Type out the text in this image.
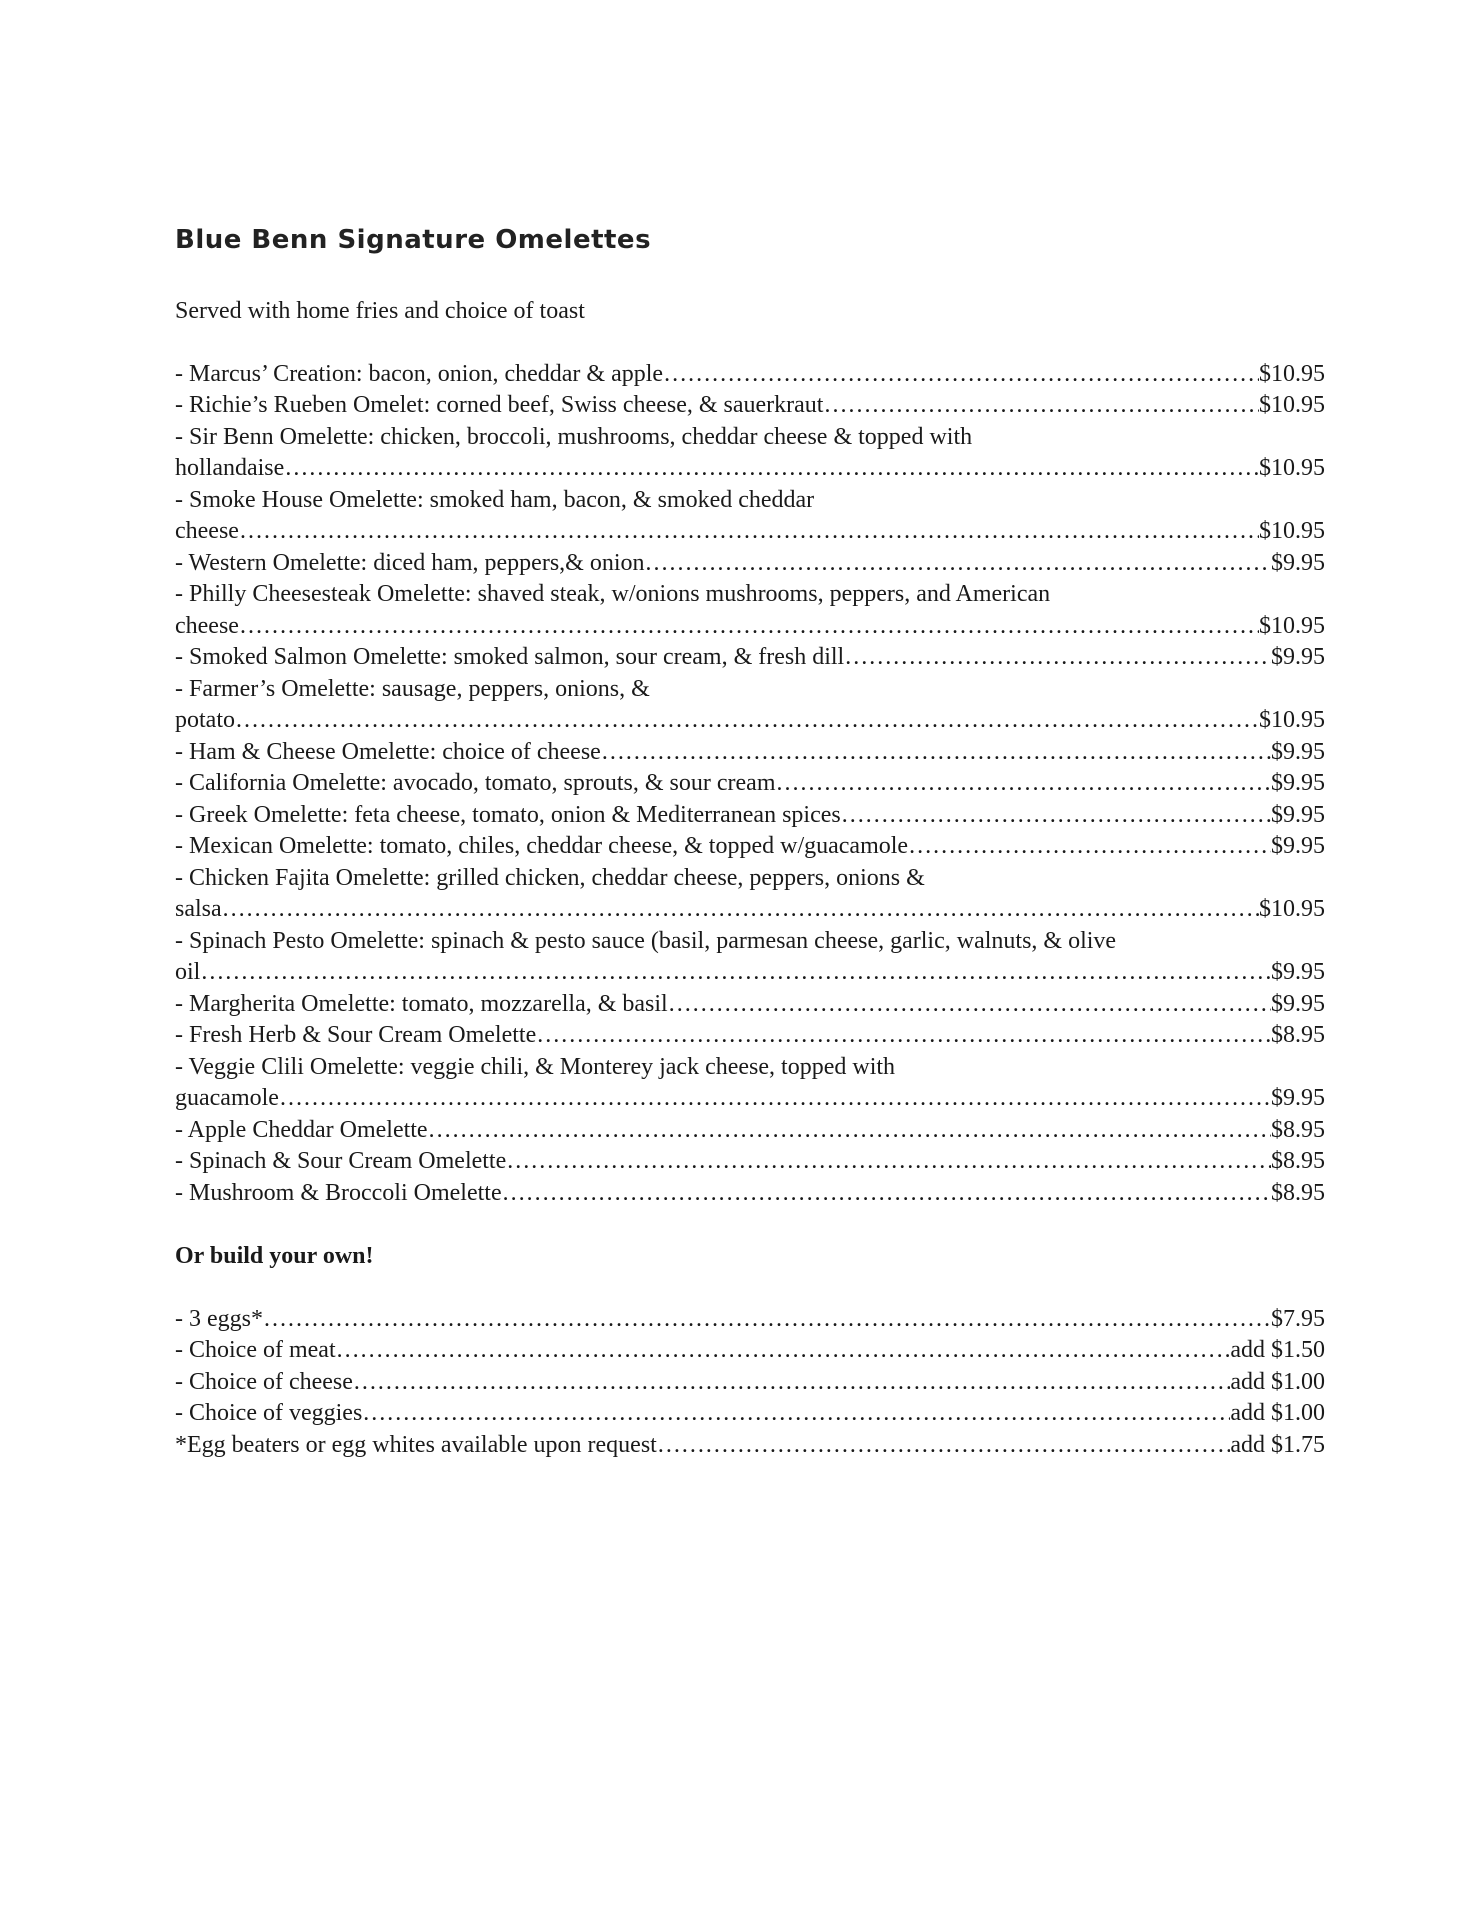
Blue Benn Signature Omelettes
Served with home fries and choice of toast
- Marcus’ Creation: bacon, onion, cheddar & apple ………………………………………………………………………………………………………………………………………………………………………………………………………………	$10.95
- Richie’s Rueben Omelet: corned beef, Swiss cheese, & sauerkraut ………………………………………………………………………………………………………………………………………………………………………………………………………………	$10.95
- Sir Benn Omelette: chicken, broccoli, mushrooms, cheddar cheese & topped with
hollandaise ………………………………………………………………………………………………………………………………………………………………………………………………………………	$10.95
- Smoke House Omelette: smoked ham, bacon, & smoked cheddar
cheese ………………………………………………………………………………………………………………………………………………………………………………………………………………	$10.95
- Western Omelette: diced ham, peppers,& onion ………………………………………………………………………………………………………………………………………………………………………………………………………………	$9.95
- Philly Cheesesteak Omelette: shaved steak, w/onions mushrooms, peppers, and American
cheese ………………………………………………………………………………………………………………………………………………………………………………………………………………	$10.95
- Smoked Salmon Omelette: smoked salmon, sour cream, & fresh dill ………………………………………………………………………………………………………………………………………………………………………………………………………………	$9.95
- Farmer’s Omelette: sausage, peppers, onions, &
potato ………………………………………………………………………………………………………………………………………………………………………………………………………………	$10.95
- Ham & Cheese Omelette: choice of cheese ………………………………………………………………………………………………………………………………………………………………………………………………………………	$9.95
- California Omelette: avocado, tomato, sprouts, & sour cream ………………………………………………………………………………………………………………………………………………………………………………………………………………	$9.95
- Greek Omelette: feta cheese, tomato, onion & Mediterranean spices ………………………………………………………………………………………………………………………………………………………………………………………………………………	$9.95
- Mexican Omelette: tomato, chiles, cheddar cheese, & topped w/guacamole ………………………………………………………………………………………………………………………………………………………………………………………………………………	$9.95
- Chicken Fajita Omelette: grilled chicken, cheddar cheese, peppers, onions &
salsa ………………………………………………………………………………………………………………………………………………………………………………………………………………	$10.95
- Spinach Pesto Omelette: spinach & pesto sauce (basil, parmesan cheese, garlic, walnuts, & olive
oil ………………………………………………………………………………………………………………………………………………………………………………………………………………	$9.95
- Margherita Omelette: tomato, mozzarella, & basil ………………………………………………………………………………………………………………………………………………………………………………………………………………	$9.95
- Fresh Herb & Sour Cream Omelette ………………………………………………………………………………………………………………………………………………………………………………………………………………	$8.95
- Veggie Clili Omelette: veggie chili, & Monterey jack cheese, topped with
guacamole ………………………………………………………………………………………………………………………………………………………………………………………………………………	$9.95
- Apple Cheddar Omelette ………………………………………………………………………………………………………………………………………………………………………………………………………………	$8.95
- Spinach & Sour Cream Omelette ………………………………………………………………………………………………………………………………………………………………………………………………………………	$8.95
- Mushroom & Broccoli Omelette ………………………………………………………………………………………………………………………………………………………………………………………………………………	$8.95
Or build your own!
- 3 eggs* ………………………………………………………………………………………………………………………………………………………………………………………………………………	$7.95
- Choice of meat ………………………………………………………………………………………………………………………………………………………………………………………………………………	add $1.50
- Choice of cheese ………………………………………………………………………………………………………………………………………………………………………………………………………………	add $1.00
- Choice of veggies ………………………………………………………………………………………………………………………………………………………………………………………………………………	add $1.00
*Egg beaters or egg whites available upon request ………………………………………………………………………………………………………………………………………………………………………………………………………………	add $1.75
